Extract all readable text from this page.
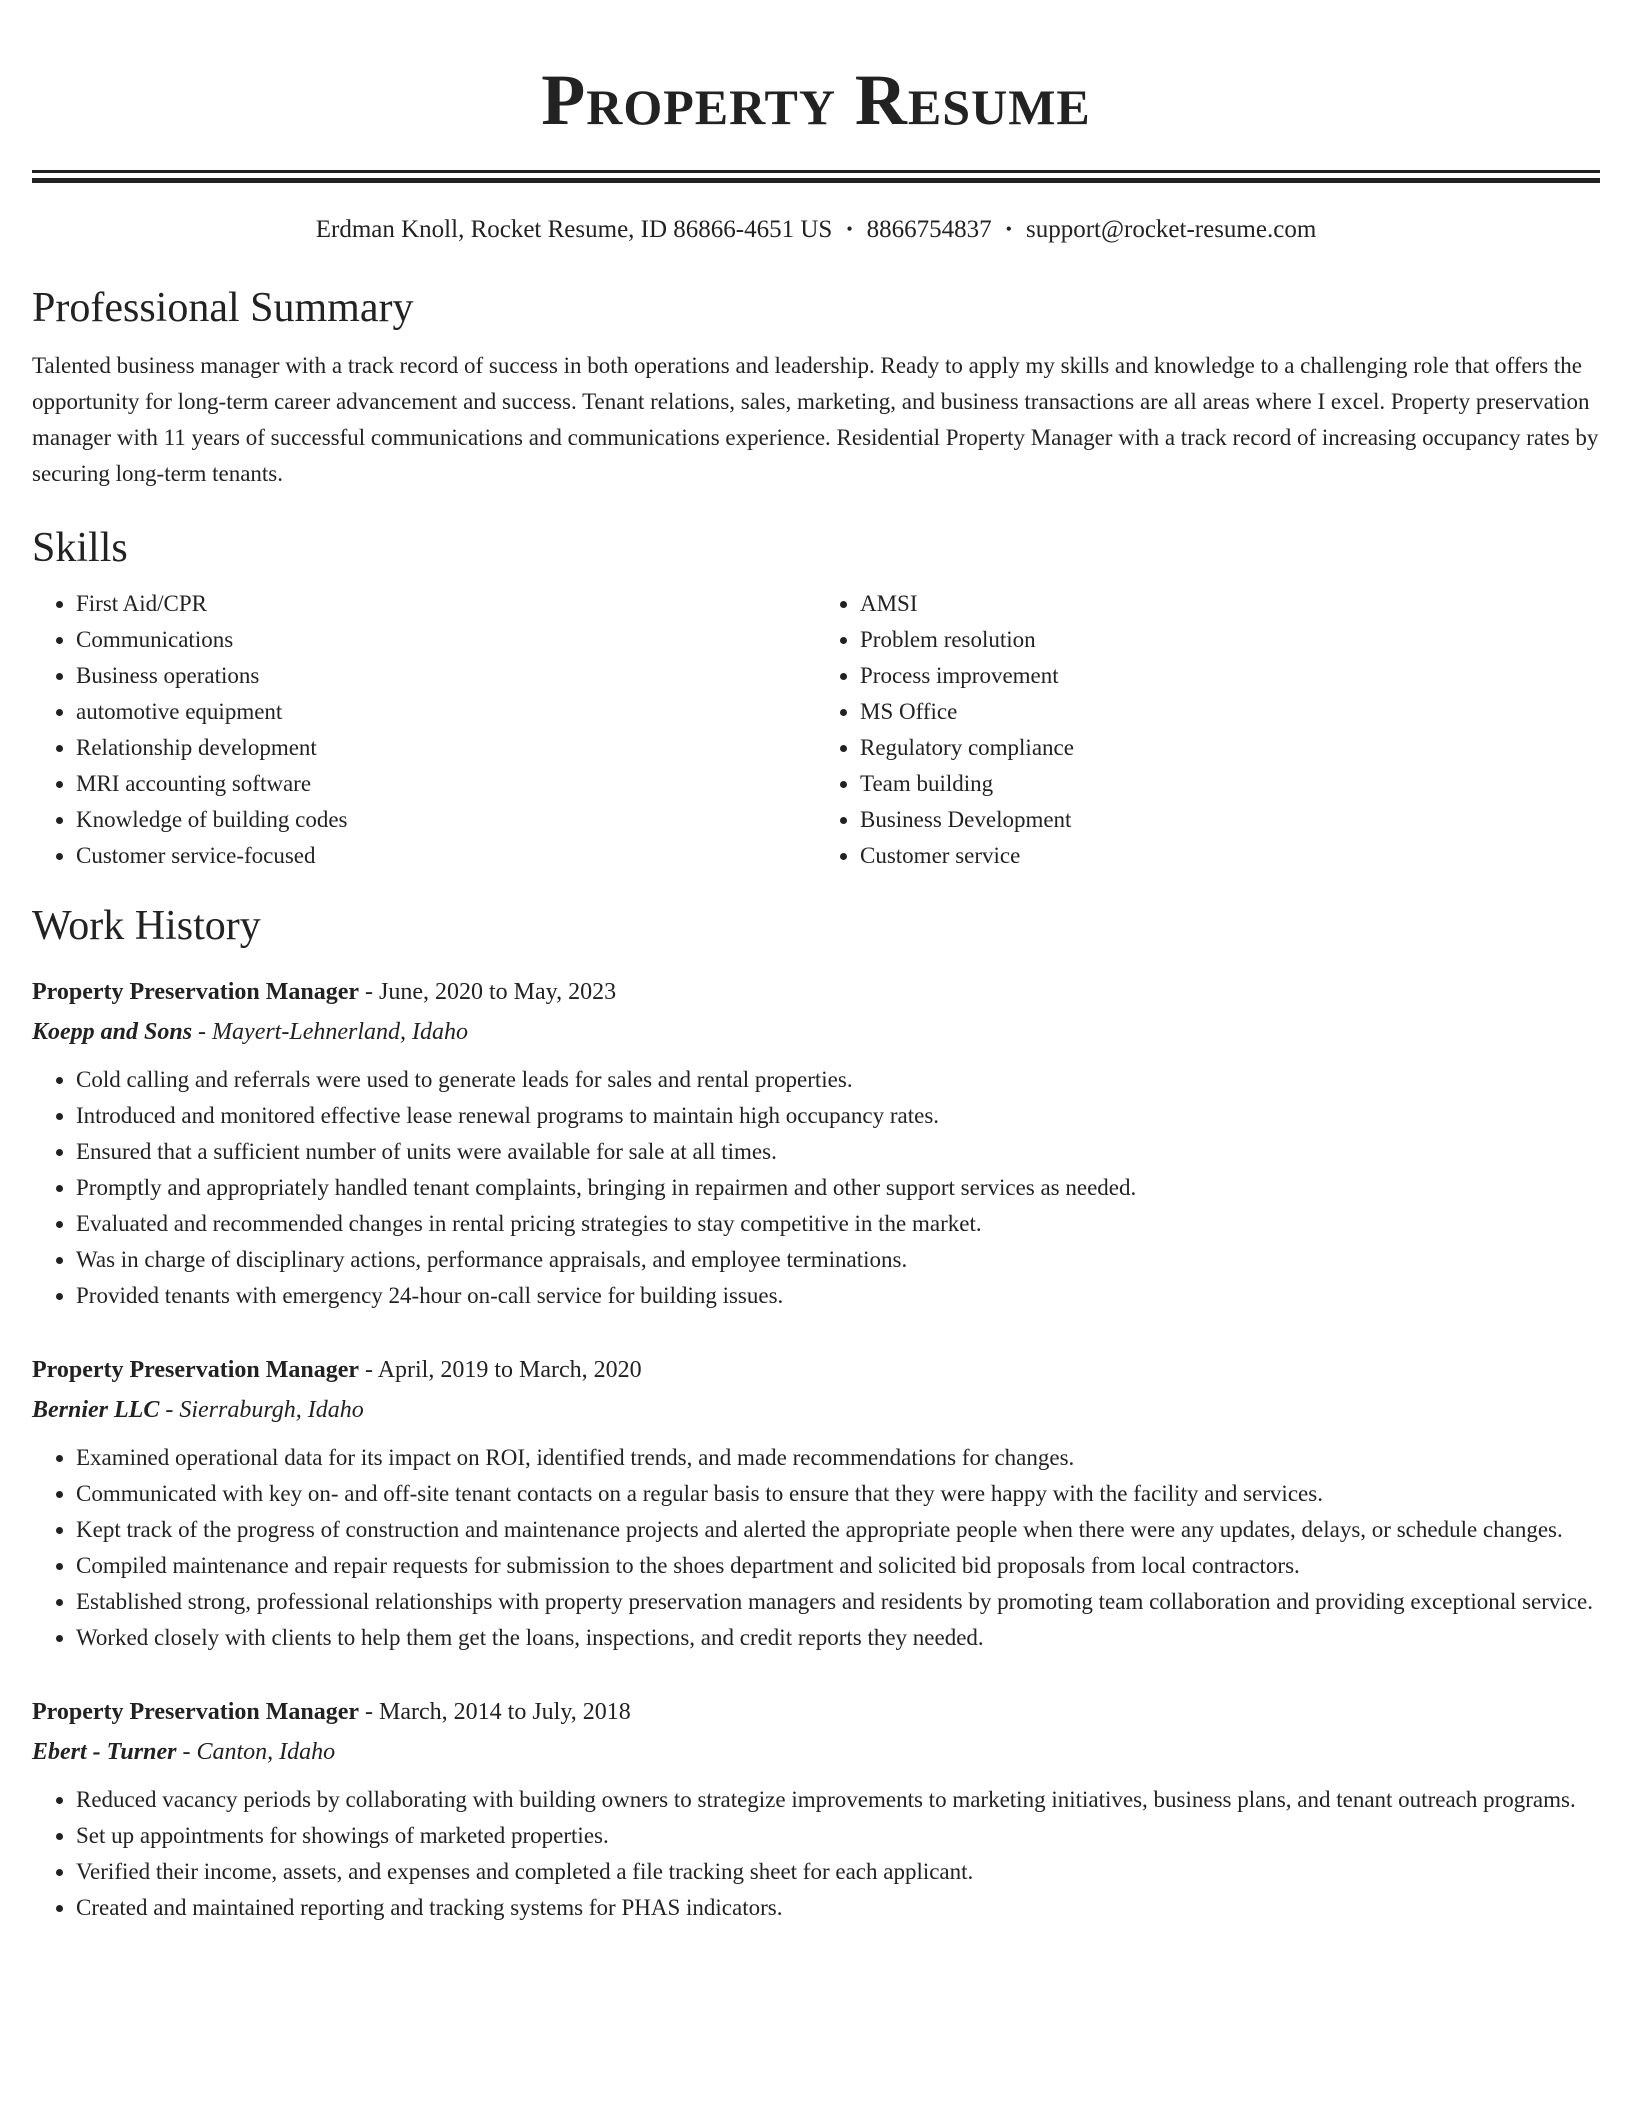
Property Resume
Erdman Knoll, Rocket Resume, ID 86866-4651 US • 8866754837 • support@rocket-resume.com
Professional Summary

Talented business manager with a track record of success in both operations and leadership. Ready to apply my skills and knowledge to a challenging role that offers the opportunity for long-term career advancement and success. Tenant relations, sales, marketing, and business transactions are all areas where I excel. Property preservation manager with 11 years of successful communications and communications experience. Residential Property Manager with a track record of increasing occupancy rates by securing long-term tenants.

Skills
• First Aid/CPR
• Communications
• Business operations
• automotive equipment
• Relationship development
• MRI accounting software
• Knowledge of building codes
• Customer service-focused
• AMSI
• Problem resolution
• Process improvement
• MS Office
• Regulatory compliance
• Team building
• Business Development
• Customer service
Work History
Property Preservation Manager - June, 2020 to May, 2023
Koepp and Sons - Mayert-Lehnerland, Idaho
• Cold calling and referrals were used to generate leads for sales and rental properties.
• Introduced and monitored effective lease renewal programs to maintain high occupancy rates.
• Ensured that a sufficient number of units were available for sale at all times.
• Promptly and appropriately handled tenant complaints, bringing in repairmen and other support services as needed.
• Evaluated and recommended changes in rental pricing strategies to stay competitive in the market.
• Was in charge of disciplinary actions, performance appraisals, and employee terminations.
• Provided tenants with emergency 24-hour on-call service for building issues.
Property Preservation Manager - April, 2019 to March, 2020
Bernier LLC - Sierraburgh, Idaho
• Examined operational data for its impact on ROI, identified trends, and made recommendations for changes.
• Communicated with key on- and off-site tenant contacts on a regular basis to ensure that they were happy with the facility and services.
• Kept track of the progress of construction and maintenance projects and alerted the appropriate people when there were any updates, delays, or schedule changes.
• Compiled maintenance and repair requests for submission to the shoes department and solicited bid proposals from local contractors.
• Established strong, professional relationships with property preservation managers and residents by promoting team collaboration and providing exceptional service.
• Worked closely with clients to help them get the loans, inspections, and credit reports they needed.
Property Preservation Manager - March, 2014 to July, 2018
Ebert - Turner - Canton, Idaho
• Reduced vacancy periods by collaborating with building owners to strategize improvements to marketing initiatives, business plans, and tenant outreach programs.
• Set up appointments for showings of marketed properties.
• Verified their income, assets, and expenses and completed a file tracking sheet for each applicant.
• Created and maintained reporting and tracking systems for PHAS indicators.
